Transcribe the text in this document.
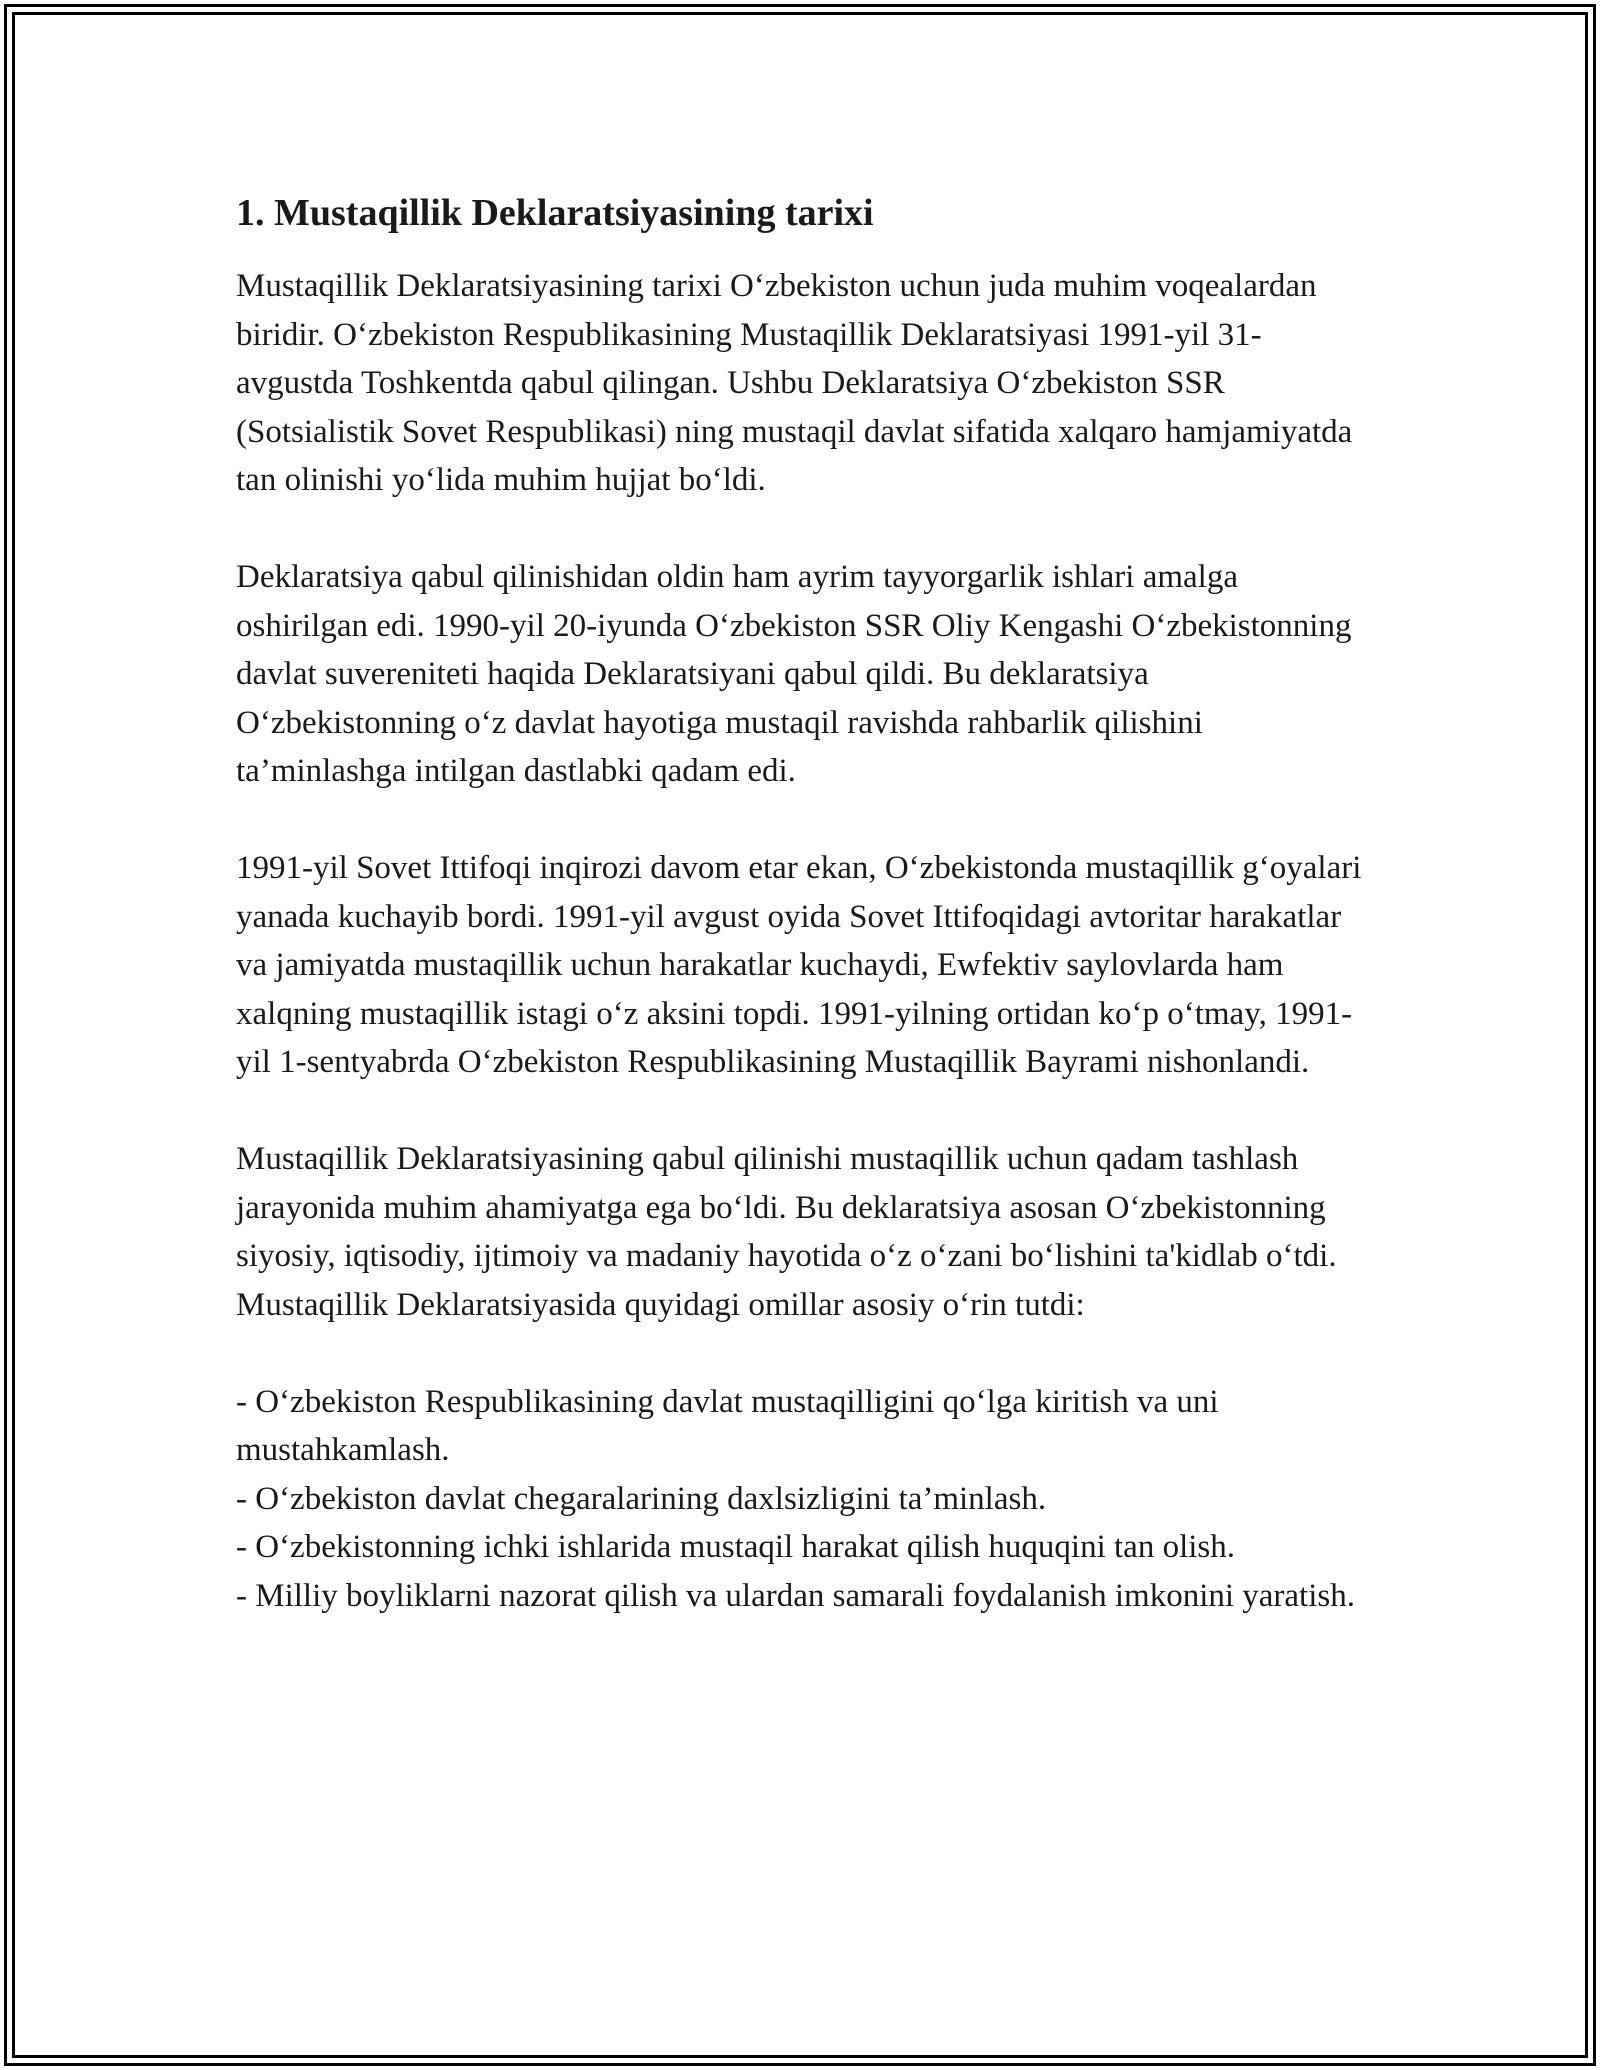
1. Mustaqillik Deklaratsiyasining tarixi

Mustaqillik Deklaratsiyasining tarixi O‘zbekiston uchun juda muhim voqealardan biridir. O‘zbekiston Respublikasining Mustaqillik Deklaratsiyasi 1991-yil 31-avgustda Toshkentda qabul qilingan. Ushbu Deklaratsiya O‘zbekiston SSR (Sotsialistik Sovet Respublikasi) ning mustaqil davlat sifatida xalqaro hamjamiyatda tan olinishi yo‘lida muhim hujjat bo‘ldi.

Deklaratsiya qabul qilinishidan oldin ham ayrim tayyorgarlik ishlari amalga oshirilgan edi. 1990-yil 20-iyunda O‘zbekiston SSR Oliy Kengashi O‘zbekistonning davlat suvereniteti haqida Deklaratsiyani qabul qildi. Bu deklaratsiya O‘zbekistonning o‘z davlat hayotiga mustaqil ravishda rahbarlik qilishini ta’minlashga intilgan dastlabki qadam edi.

1991-yil Sovet Ittifoqi inqirozi davom etar ekan, O‘zbekistonda mustaqillik g‘oyalari yanada kuchayib bordi. 1991-yil avgust oyida Sovet Ittifoqidagi avtoritar harakatlar va jamiyatda mustaqillik uchun harakatlar kuchaydi, Ewfektiv saylovlarda ham xalqning mustaqillik istagi o‘z aksini topdi. 1991-yilning ortidan ko‘p o‘tmay, 1991-yil 1-sentyabrda O‘zbekiston Respublikasining Mustaqillik Bayrami nishonlandi.

Mustaqillik Deklaratsiyasining qabul qilinishi mustaqillik uchun qadam tashlash jarayonida muhim ahamiyatga ega bo‘ldi. Bu deklaratsiya asosan O‘zbekistonning siyosiy, iqtisodiy, ijtimoiy va madaniy hayotida o‘z o‘zani bo‘lishini ta'kidlab o‘tdi. Mustaqillik Deklaratsiyasida quyidagi omillar asosiy o‘rin tutdi:

- O‘zbekiston Respublikasining davlat mustaqilligini qo‘lga kiritish va uni mustahkamlash.
- O‘zbekiston davlat chegaralarining daxlsizligini ta’minlash.
- O‘zbekistonning ichki ishlarida mustaqil harakat qilish huquqini tan olish.
- Milliy boyliklarni nazorat qilish va ulardan samarali foydalanish imkonini yaratish.
